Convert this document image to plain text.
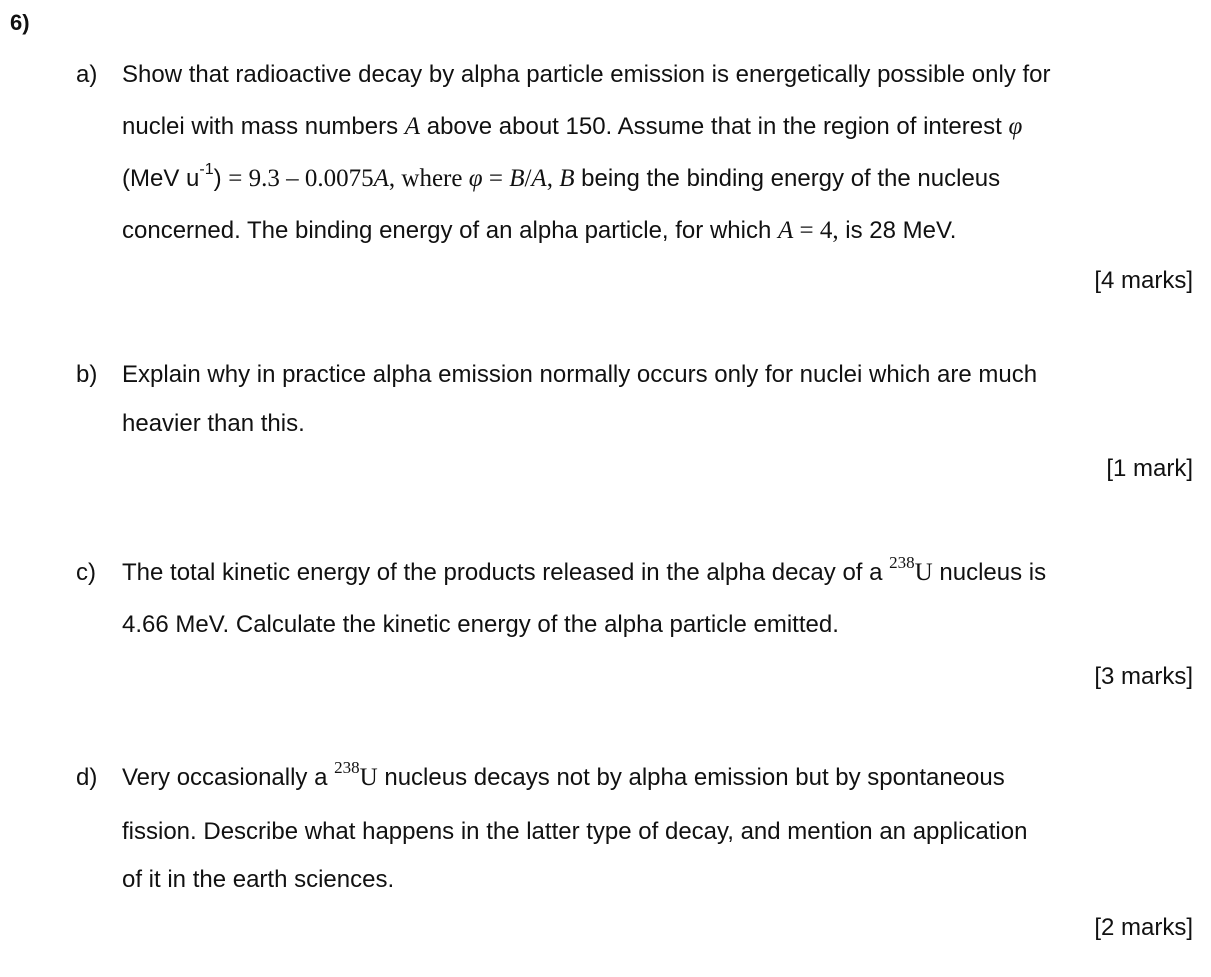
6)
a) Show that radioactive decay by alpha particle emission is energetically possible only for
nuclei with mass numbers A above about 150. Assume that in the region of interest φ
(MeV $u^{-1}) = 9.3 - 0.0075A$, where φ = B/A, B being the binding energy of the nucleus
concerned. The binding energy of an alpha particle, for which A = 4, is 28 MeV.
[4 marks]
b) Explain why in practice alpha emission normally occurs only for nuclei which are much
heavier than this.
[1 mark]
c) The total kinetic energy of the products released in the alpha decay of a $^{238}$U nucleus is
4.66 MeV. Calculate the kinetic energy of the alpha particle emitted.
[3 marks]
d) Very occasionally a $^{238}$U nucleus decays not by alpha emission but by spontaneous
fission. Describe what happens in the latter type of decay, and mention an application
of it in the earth sciences.
[2 marks]
